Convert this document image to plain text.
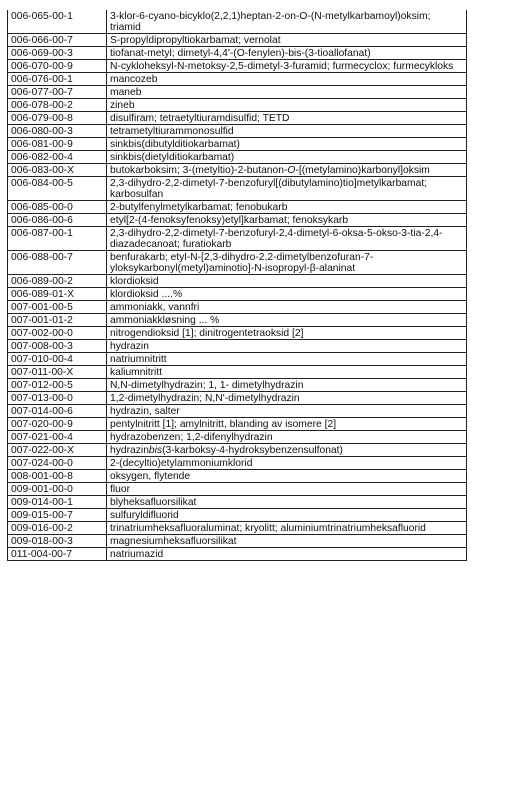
006-065-00-1	3-klor-6-cyano-bicyklo(2,2,1)heptan-2-on-O-(N-metylkarbamoyl)oksim; triamid
006-066-00-7	S-propyldipropyltiokarbamat; vernolat
006-069-00-3	tiofanat-metyl; dimetyl-4,4'-(O-fenylen)-bis-(3-tioallofanat)
006-070-00-9	N-cykloheksyl-N-metoksy-2,5-dimetyl-3-furamid; furmecyclox; furmecykloks
006-076-00-1	mancozeb
006-077-00-7	maneb
006-078-00-2	zineb
006-079-00-8	disulfiram; tetraetyltiuramdisulfid; TETD
006-080-00-3	tetrametyltiurammonosulfid
006-081-00-9	sinkbis(dibutylditiokarbamat)
006-082-00-4	sinkbis(dietylditiokarbamat)
006-083-00-X	butokarboksim; 3-(metyltio)-2-butanon-O-[(metylamino)karbonyl]oksim
006-084-00-5	2,3-dihydro-2,2-dimetyl-7-benzofuryl[(dibutylamino)tio]metylkarbamat; karbosulfan
006-085-00-0	2-butylfenylmetylkarbamat; fenobukarb
006-086-00-6	etyl[2-(4-fenoksyfenoksy)etyl]karbamat; fenoksykarb
006-087-00-1	2,3-dihydro-2,2-dimetyl-7-benzofuryl-2,4-dimetyl-6-oksa-5-okso-3-tia-2,4-diazadecanoat; furatiokarb
006-088-00-7	benfurakarb; etyl-N-[2,3-dihydro-2,2-dimetylbenzofuran-7-yloksykarbonyl(metyl)aminotio]-N-isopropyl-β-alaninat
006-089-00-2	klordioksid
006-089-01-X	klordioksid ....%
007-001-00-5	ammoniakk, vannfri
007-001-01-2	ammoniakkløsning ... %
007-002-00-0	nitrogendioksid [1]; dinitrogentetraoksid [2]
007-008-00-3	hydrazin
007-010-00-4	natriumnitritt
007-011-00-X	kaliumnitritt
007-012-00-5	N,N-dimetylhydrazin; 1, 1- dimetylhydrazin
007-013-00-0	1,2-dimetylhydrazin; N,N'-dimetylhydrazin
007-014-00-6	hydrazin, salter
007-020-00-9	pentylnitritt [1]; amylnitritt, blanding av isomere [2]
007-021-00-4	hydrazobenzen; 1,2-difenylhydrazin
007-022-00-X	hydrazinbis(3-karboksy-4-hydroksybenzensulfonat)
007-024-00-0	2-(decyltio)etylammoniumklorid
008-001-00-8	oksygen, flytende
009-001-00-0	fluor
009-014-00-1	blyheksafluorsilikat
009-015-00-7	sulfuryldifluorid
009-016-00-2	trinatriumheksafluoraluminat; kryolitt; aluminiumtrinatriumheksafluorid
009-018-00-3	magnesiumheksafluorsilikat
011-004-00-7	natriumazid
